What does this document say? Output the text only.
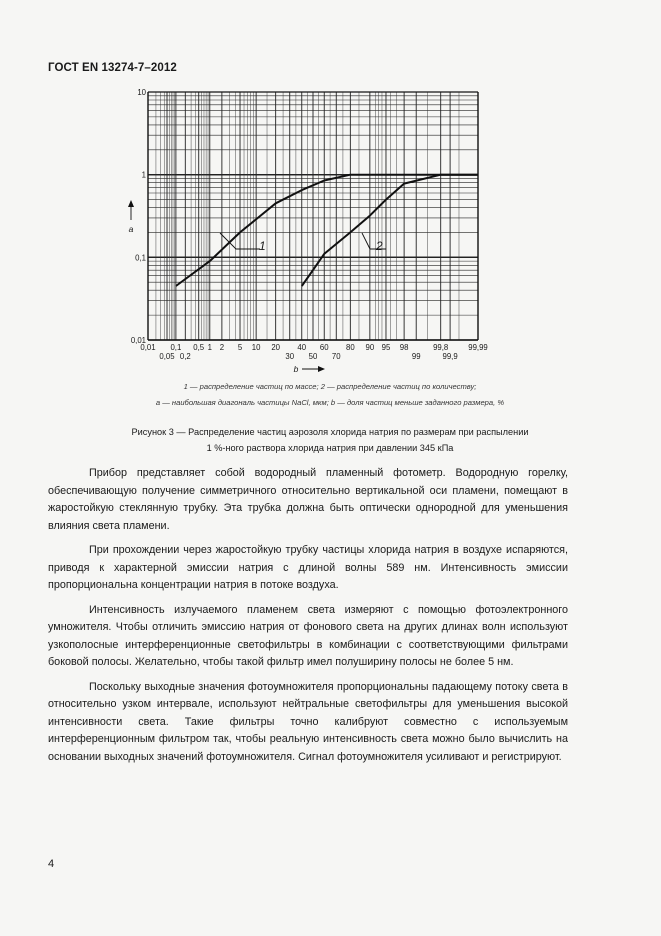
ГОСТ EN 13274-7–2012
1	2
10
1
0,1
0,01
0,01 0,1 0,5 1 2 5 10 20 40 60 80 90 95 98	99,8	99,99
0,05 0,2	30 50 70	99	99,9
a
b
1 — распределение частиц по массе; 2 — распределение частиц по количеству;
a — наибольшая диагональ частицы NaCl, мкм; b — доля частиц меньше заданного размера, %
Рисунок 3 — Распределение частиц аэрозоля хлорида натрия по размерам при распылении
1 %-ного раствора хлорида натрия при давлении 345 кПа

Прибор представляет собой водородный пламенный фотометр. Водородную горелку, обеспечивающую получение симметричного относительно вертикальной оси пламени, помещают в жаростойкую стеклянную трубку. Эта трубка должна быть оптически однородной для уменьшения влияния света пламени.

При прохождении через жаростойкую трубку частицы хлорида натрия в воздухе испаряются, приводя к характерной эмиссии натрия с длиной волны 589 нм. Интенсивность эмиссии пропорциональна концентрации натрия в потоке воздуха.

Интенсивность излучаемого пламенем света измеряют с помощью фотоэлектронного умножителя. Чтобы отличить эмиссию натрия от фонового света на других длинах волн используют узкополосные интерференционные светофильтры в комбинации с соответствующими фильтрами боковой полосы. Желательно, чтобы такой фильтр имел полуширину полосы не более 5 нм.

Поскольку выходные значения фотоумножителя пропорциональны падающему потоку света в относительно узком интервале, используют нейтральные светофильтры для уменьшения высокой интенсивности света. Такие фильтры точно калибруют совместно с используемым интерференционным фильтром так, чтобы реальную интенсивность света можно было вычислить на основании выходных значений фотоумножителя. Сигнал фотоумножителя усиливают и регистрируют.

4
